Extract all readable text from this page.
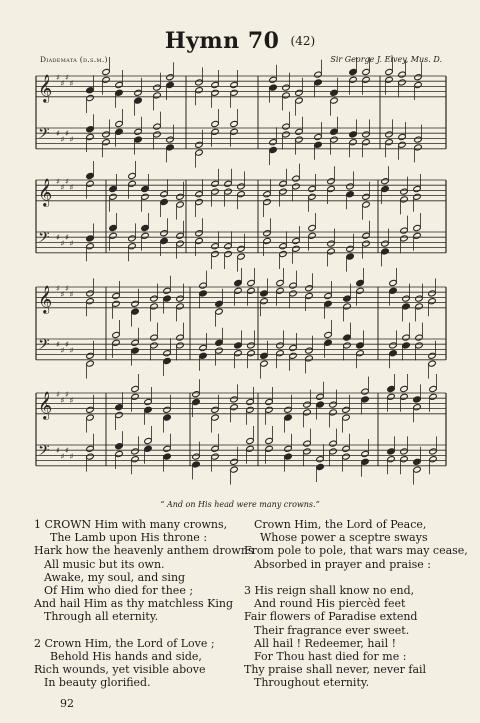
Hymn 70 (42)
Diademata (d.s.m.)	Sir George J. Elvey, Mus. D.
𝄞 ♯
♯
♯
♯
𝄢 ♯
♯
♯
♯
𝄞 ♯
♯
♯
♯
𝄢 ♯
♯
♯
♯
𝄞 ♯
♯
♯
♯
𝄢 ♯
♯
♯
♯
𝄞 ♯
♯
♯
♯
𝄢 ♯
♯
♯
♯
“ And on His head were many crowns.”
1 CROWN Him with many crowns,
The Lamb upon His throne :
Hark how the heavenly anthem drowns
All music but its own.
Awake, my soul, and sing
Of Him who died for thee ;
And hail Him as thy matchless King
Through all eternity.
2 Crown Him, the Lord of Love ;
Behold His hands and side,
Rich wounds, yet visible above
In beauty glorified.
Crown Him, the Lord of Peace,
Whose power a sceptre sways
From pole to pole, that wars may cease,
Absorbed in prayer and praise :
3 His reign shall know no end,
And round His piercèd feet
Fair flowers of Paradise extend
Their fragrance ever sweet.
All hail ! Redeemer, hail !
For Thou hast died for me :
Thy praise shall never, never fail
Throughout eternity.
92
